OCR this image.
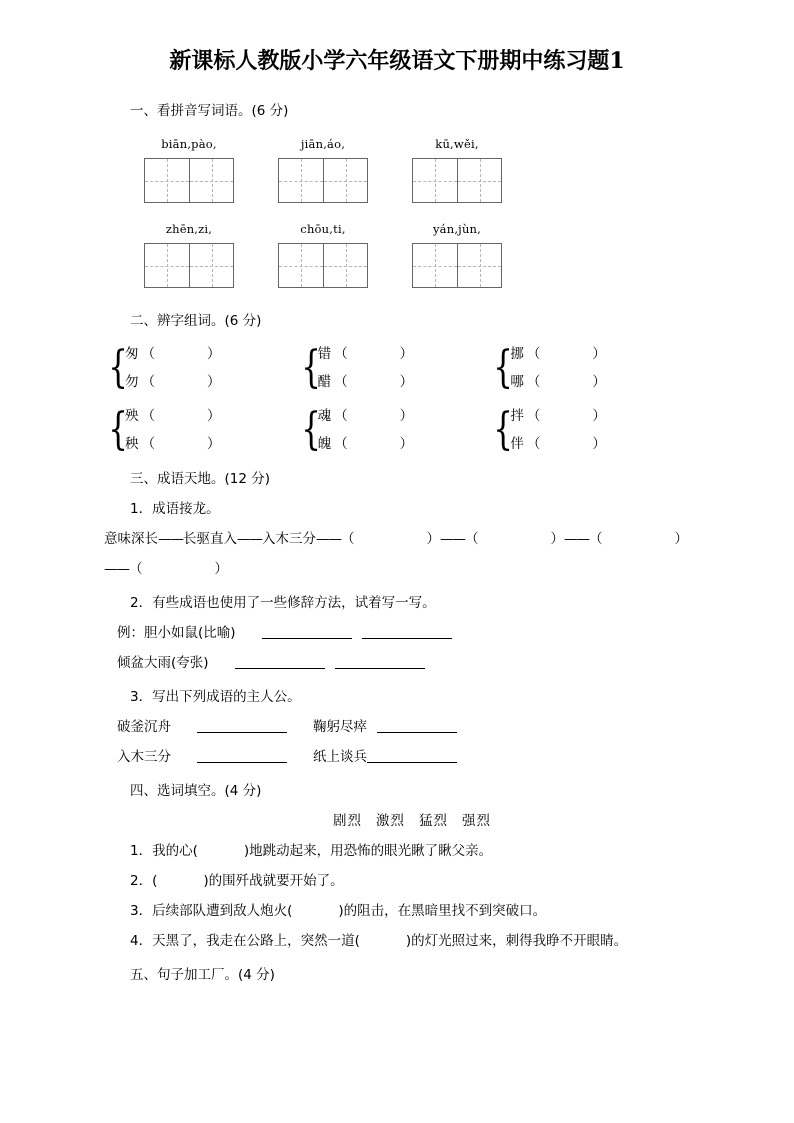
新课标人教版小学六年级语文下册期中练习题1
一、看拼音写词语。(6 分)
biān,pào,	jiān,áo,	kū,wěi,
zhēn,zi,	chōu,ti,	yán,jùn,
二、辨字组词。(6 分)
{
匆 （	）
勿 （	） {
错 （	）
醋 （	） {
挪 （	）
哪 （	）
{
殃 （	）
秧 （	） {
魂 （	）
魄 （	） {
拌 （	）
伴 （	）
三、成语天地。(12 分)
1．成语接龙。
意味深长——长驱直入——入木三分——（	）——（	）——（	）——（	）
2．有些成语也使用了一些修辞方法，试着写一写。
例：胆小如鼠(比喻)
倾盆大雨(夸张)
3．写出下列成语的主人公。
破釜沉舟	鞠躬尽瘁
入木三分	纸上谈兵
四、选词填空。(4 分)
剧烈 激烈 猛烈 强烈
1．我的心(	)地跳动起来，用恐怖的眼光瞅了瞅父亲。
2．(	)的围歼战就要开始了。
3．后续部队遭到敌人炮火(	)的阻击，在黑暗里找不到突破口。
4．天黑了，我走在公路上，突然一道(	)的灯光照过来，刺得我睁不开眼睛。
五、句子加工厂。(4 分)
